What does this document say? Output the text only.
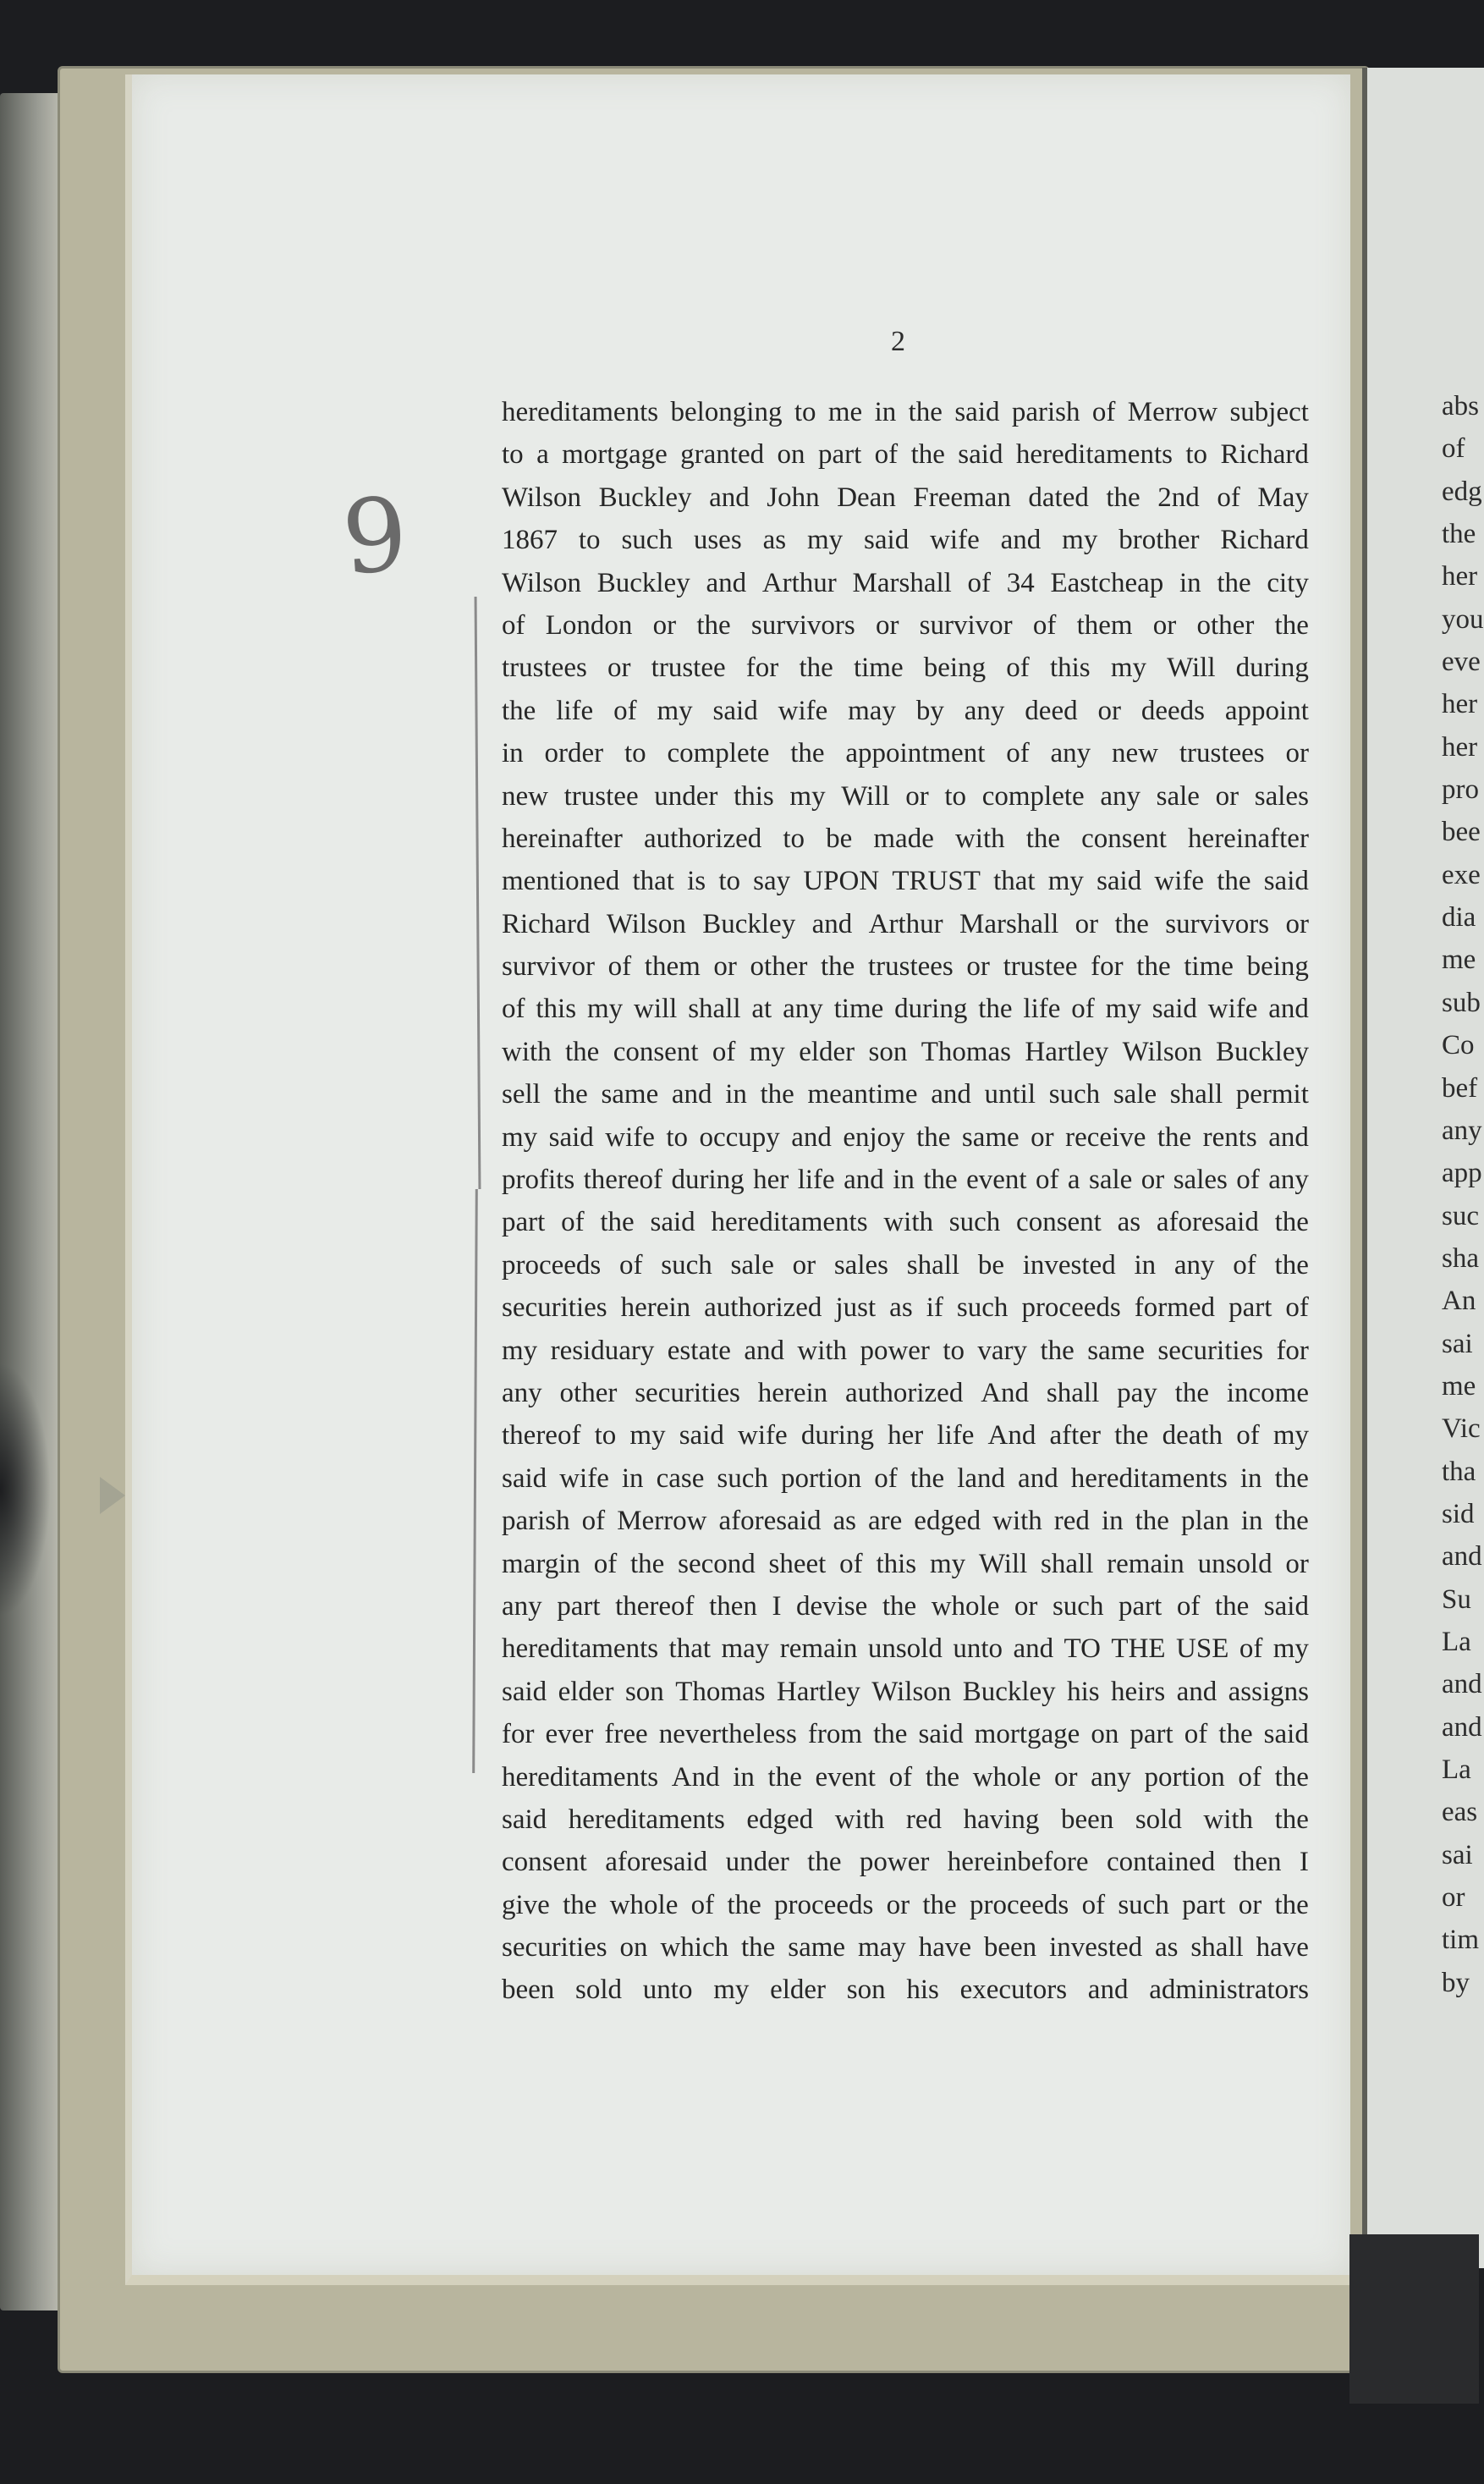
2
9
hereditaments belonging to me in the said parish of Merrow subject
to a mortgage granted on part of the said hereditaments to Richard
Wilson Buckley and John Dean Freeman dated the 2nd of May
1867 to such uses as my said wife and my brother Richard
Wilson Buckley and Arthur Marshall of 34 Eastcheap in the city
of London or the survivors or survivor of them or other the
trustees or trustee for the time being of this my Will during
the life of my said wife may by any deed or deeds appoint
in order to complete the appointment of any new trustees or
new trustee under this my Will or to complete any sale or sales
hereinafter authorized to be made with the consent hereinafter
mentioned that is to say UPON TRUST that my said wife the said
Richard Wilson Buckley and Arthur Marshall or the survivors or
survivor of them or other the trustees or trustee for the time being
of this my will shall at any time during the life of my said wife and
with the consent of my elder son Thomas Hartley Wilson Buckley
sell the same and in the meantime and until such sale shall permit
my said wife to occupy and enjoy the same or receive the rents and
profits thereof during her life and in the event of a sale or sales of any
part of the said hereditaments with such consent as aforesaid the
proceeds of such sale or sales shall be invested in any of the
securities herein authorized just as if such proceeds formed part of
my residuary estate and with power to vary the same securities for
any other securities herein authorized And shall pay the income
thereof to my said wife during her life And after the death of my
said wife in case such portion of the land and hereditaments in the
parish of Merrow aforesaid as are edged with red in the plan in the
margin of the second sheet of this my Will shall remain unsold or
any part thereof then I devise the whole or such part of the said
hereditaments that may remain unsold unto and TO THE USE of my
said elder son Thomas Hartley Wilson Buckley his heirs and assigns
for ever free nevertheless from the said mortgage on part of the said
hereditaments And in the event of the whole or any portion of the
said hereditaments edged with red having been sold with the
consent aforesaid under the power hereinbefore contained then I
give the whole of the proceeds or the proceeds of such part or the
securities on which the same may have been invested as shall have
been sold unto my elder son his executors and administrators
abs
of
edg
the
her
you
eve
her
her
pro
bee
exe
dia
me
sub
Co
bef
any
app
suc
sha
An
sai
me
Vic
tha
sid
and
Su
La
and
and
La
eas
sai
or
tim
by
